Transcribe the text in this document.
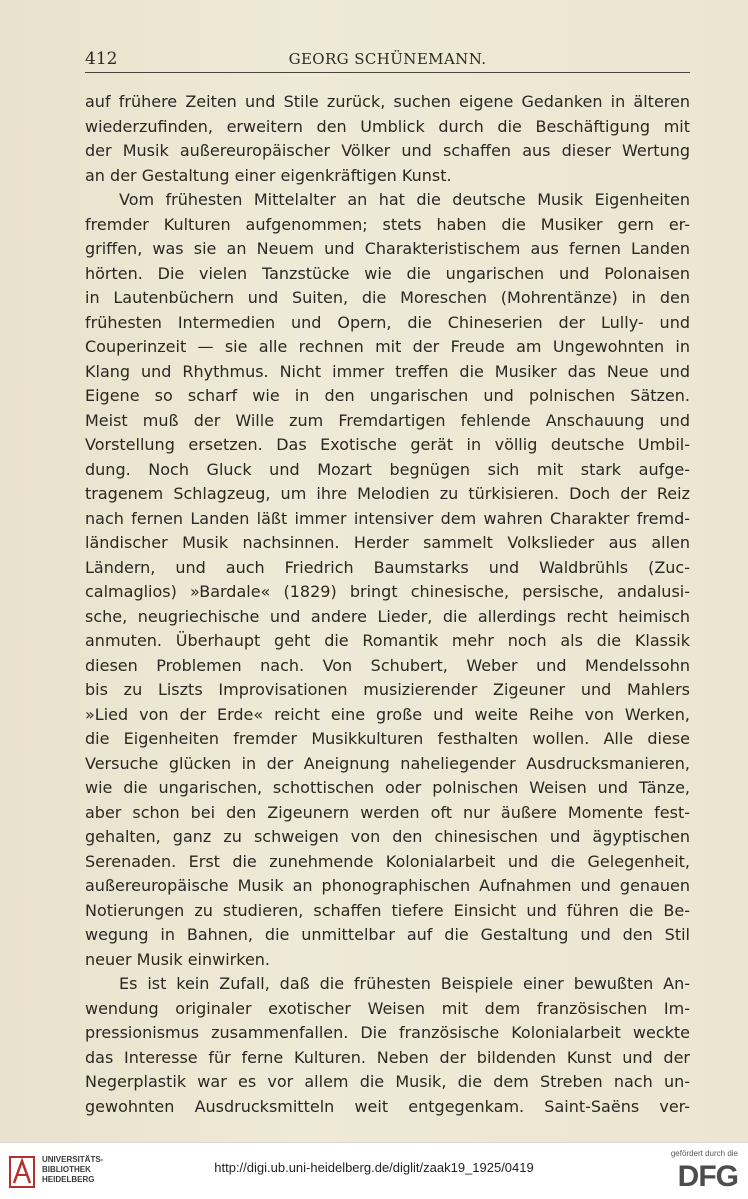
412	GEORG SCHÜNEMANN.
auf frühere Zeiten und Stile zurück, suchen eigene Gedanken in älteren
wiederzufinden, erweitern den Umblick durch die Beschäftigung mit
der Musik außereuropäischer Völker und schaffen aus dieser Wertung
an der Gestaltung einer eigenkräftigen Kunst.
Vom frühesten Mittelalter an hat die deutsche Musik Eigenheiten
fremder Kulturen aufgenommen; stets haben die Musiker gern er-
griffen, was sie an Neuem und Charakteristischem aus fernen Landen
hörten. Die vielen Tanzstücke wie die ungarischen und Polonaisen
in Lautenbüchern und Suiten, die Moreschen (Mohrentänze) in den
frühesten Intermedien und Opern, die Chineserien der Lully- und
Couperinzeit — sie alle rechnen mit der Freude am Ungewohnten in
Klang und Rhythmus. Nicht immer treffen die Musiker das Neue und
Eigene so scharf wie in den ungarischen und polnischen Sätzen.
Meist muß der Wille zum Fremdartigen fehlende Anschauung und
Vorstellung ersetzen. Das Exotische gerät in völlig deutsche Umbil-
dung. Noch Gluck und Mozart begnügen sich mit stark aufge-
tragenem Schlagzeug, um ihre Melodien zu türkisieren. Doch der Reiz
nach fernen Landen läßt immer intensiver dem wahren Charakter fremd-
ländischer Musik nachsinnen. Herder sammelt Volkslieder aus allen
Ländern, und auch Friedrich Baumstarks und Waldbrühls (Zuc-
calmaglios) »Bardale« (1829) bringt chinesische, persische, andalusi-
sche, neugriechische und andere Lieder, die allerdings recht heimisch
anmuten. Überhaupt geht die Romantik mehr noch als die Klassik
diesen Problemen nach. Von Schubert, Weber und Mendelssohn
bis zu Liszts Improvisationen musizierender Zigeuner und Mahlers
»Lied von der Erde« reicht eine große und weite Reihe von Werken,
die Eigenheiten fremder Musikkulturen festhalten wollen. Alle diese
Versuche glücken in der Aneignung naheliegender Ausdrucksmanieren,
wie die ungarischen, schottischen oder polnischen Weisen und Tänze,
aber schon bei den Zigeunern werden oft nur äußere Momente fest-
gehalten, ganz zu schweigen von den chinesischen und ägyptischen
Serenaden. Erst die zunehmende Kolonialarbeit und die Gelegenheit,
außereuropäische Musik an phonographischen Aufnahmen und genauen
Notierungen zu studieren, schaffen tiefere Einsicht und führen die Be-
wegung in Bahnen, die unmittelbar auf die Gestaltung und den Stil
neuer Musik einwirken.
Es ist kein Zufall, daß die frühesten Beispiele einer bewußten An-
wendung originaler exotischer Weisen mit dem französischen Im-
pressionismus zusammenfallen. Die französische Kolonialarbeit weckte
das Interesse für ferne Kulturen. Neben der bildenden Kunst und der
Negerplastik war es vor allem die Musik, die dem Streben nach un-
gewohnten Ausdrucksmitteln weit entgegenkam. Saint-Saëns ver-
UNIVERSITÄTS-
BIBLIOTHEK
HEIDELBERG
http://digi.ub.uni-heidelberg.de/diglit/zaak19_1925/0419
gefördert durch die
DFG
